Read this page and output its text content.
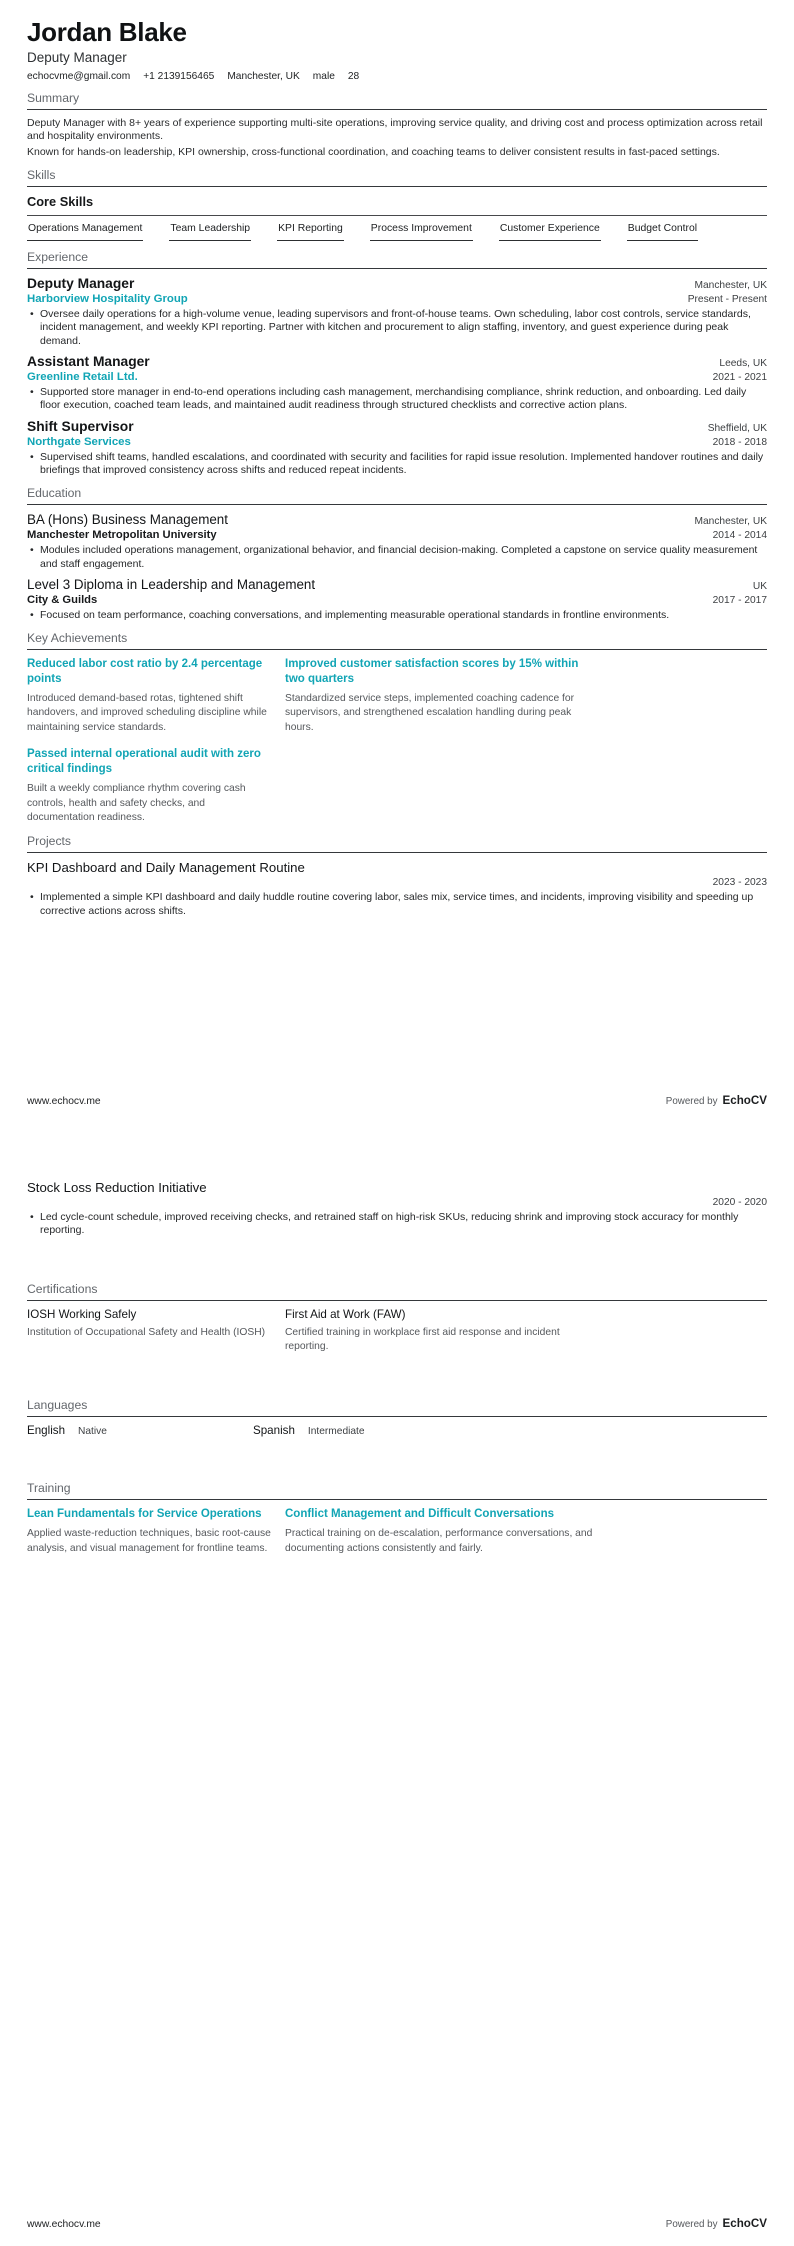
Jordan Blake
Deputy Manager
echocvme@gmail.com +1 2139156465 Manchester, UK male 28
Summary

Deputy Manager with 8+ years of experience supporting multi-site operations, improving service quality, and driving cost and process optimization across retail and hospitality environments.

Known for hands-on leadership, KPI ownership, cross-functional coordination, and coaching teams to deliver consistent results in fast-paced settings.

Skills
Core Skills
Operations Management	Team Leadership	KPI Reporting	Process Improvement	Customer Experience	Budget Control
Experience
Deputy Manager	Manchester, UK
Harborview Hospitality Group	Present - Present
• Oversee daily operations for a high-volume venue, leading supervisors and front-of-house teams. Own scheduling, labor cost controls, service standards, incident management, and weekly KPI reporting. Partner with kitchen and procurement to align staffing, inventory, and guest experience during peak demand.
Assistant Manager	Leeds, UK
Greenline Retail Ltd.	2021 - 2021
• Supported store manager in end-to-end operations including cash management, merchandising compliance, shrink reduction, and onboarding. Led daily floor execution, coached team leads, and maintained audit readiness through structured checklists and corrective action plans.
Shift Supervisor	Sheffield, UK
Northgate Services	2018 - 2018
• Supervised shift teams, handled escalations, and coordinated with security and facilities for rapid issue resolution. Implemented handover routines and daily briefings that improved consistency across shifts and reduced repeat incidents.
Education
BA (Hons) Business Management	Manchester, UK
Manchester Metropolitan University	2014 - 2014
• Modules included operations management, organizational behavior, and financial decision-making. Completed a capstone on service quality measurement and staff engagement.
Level 3 Diploma in Leadership and Management	UK
City & Guilds	2017 - 2017
• Focused on team performance, coaching conversations, and implementing measurable operational standards in frontline environments.
Key Achievements
Reduced labor cost ratio by 2.4 percentage points
Introduced demand-based rotas, tightened shift handovers, and improved scheduling discipline while maintaining service standards.
Improved customer satisfaction scores by 15% within two quarters
Standardized service steps, implemented coaching cadence for supervisors, and strengthened escalation handling during peak hours.
Passed internal operational audit with zero critical findings
Built a weekly compliance rhythm covering cash controls, health and safety checks, and documentation readiness.
Projects
KPI Dashboard and Daily Management Routine
2023 - 2023
• Implemented a simple KPI dashboard and daily huddle routine covering labor, sales mix, service times, and incidents, improving visibility and speeding up corrective actions across shifts.
www.echocv.me	Powered by EchoCV
Stock Loss Reduction Initiative
2020 - 2020
• Led cycle-count schedule, improved receiving checks, and retrained staff on high-risk SKUs, reducing shrink and improving stock accuracy for monthly reporting.
Certifications
IOSH Working Safely
Institution of Occupational Safety and Health (IOSH)
First Aid at Work (FAW)
Certified training in workplace first aid response and incident reporting.
Languages
English Native	Spanish Intermediate
Training
Lean Fundamentals for Service Operations
Applied waste-reduction techniques, basic root-cause analysis, and visual management for frontline teams.
Conflict Management and Difficult Conversations
Practical training on de-escalation, performance conversations, and documenting actions consistently and fairly.
www.echocv.me	Powered by EchoCV
